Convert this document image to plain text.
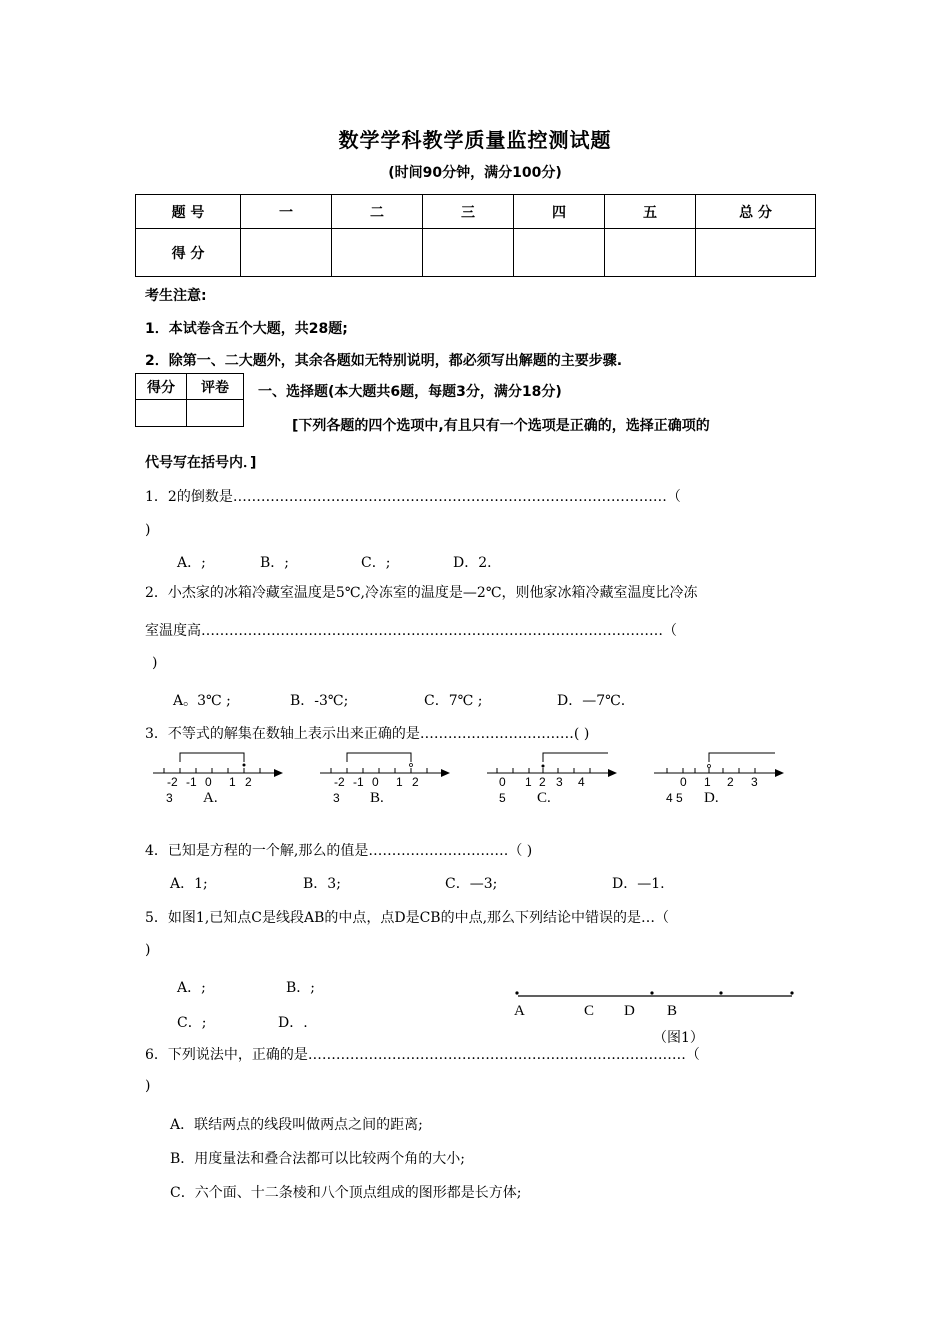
数学学科教学质量监控测试题
(时间90分钟，满分100分)
题 号	一	二	三	四	五	总 分
得 分						
考生注意:
1．本试卷含五个大题，共28题;
2．除第一、二大题外，其余各题如无特别说明，都必须写出解题的主要步骤.
得分	评卷
	一、选择题(本大题共6题，每题3分，满分18分)
[下列各题的四个选项中,有且只有一个选项是正确的，选择正确项的
代号写在括号内．]
1．2的倒数是…………………………………………………………………………………（
)
A．;	B．;	C．;	D．2．
2．小杰家的冰箱冷藏室温度是5℃,冷冻室的温度是—2℃，则他家冰箱冷藏室温度比冷冻
室温度高………………………………………………………………………………………（
)
A。3℃ ;	B．-3℃;	C．7℃ ;	D．—7℃.
3．不等式的解集在数轴上表示出来正确的是……………………………( )
-2 -1 0 1 2
3 A.
-2 -1 0 1 2
3 B.
0 1 2 3 4
5 C.
0 1 2 3
4 5 D.
4．已知是方程的一个解,那么的值是…………………………（ )
A．1;	B．3;	C．—3;	D．—1.
5．如图1,已知点C是线段AB的中点，点D是CB的中点,那么下列结论中错误的是…（
)
A．;	B．;
C．;	D．.
A	C D B
（图1）
6．下列说法中，正确的是………………………………………………………………………（
)
A．联结两点的线段叫做两点之间的距离;
B．用度量法和叠合法都可以比较两个角的大小;
C．六个面、十二条棱和八个顶点组成的图形都是长方体;
